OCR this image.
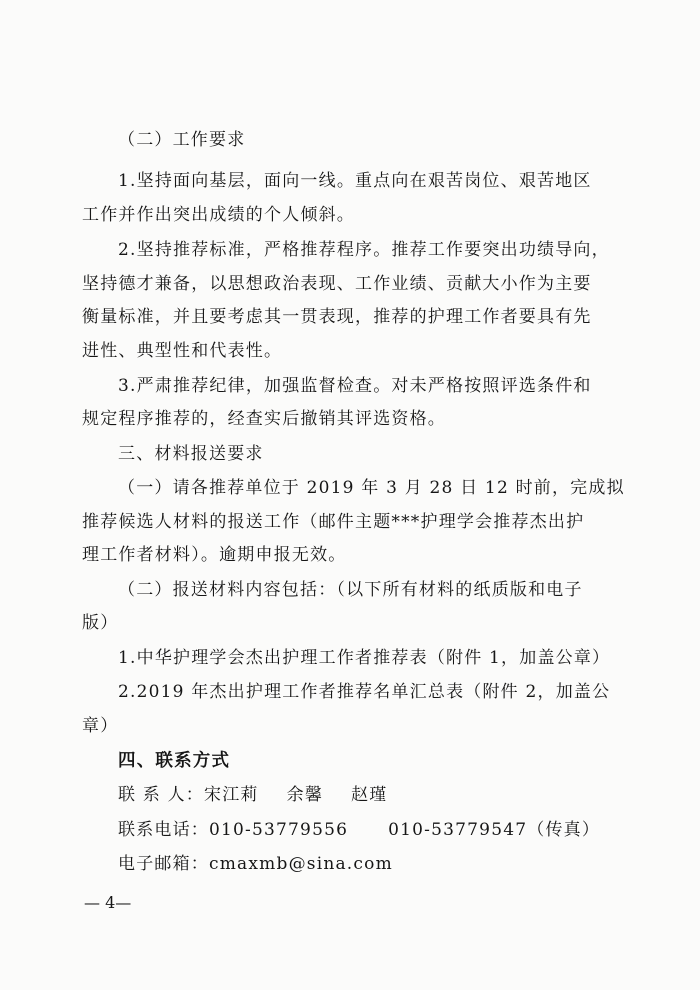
（二）工作要求
1.坚持面向基层，面向一线。重点向在艰苦岗位、艰苦地区
工作并作出突出成绩的个人倾斜。
2.坚持推荐标准，严格推荐程序。推荐工作要突出功绩导向，
坚持德才兼备，以思想政治表现、工作业绩、贡献大小作为主要
衡量标准，并且要考虑其一贯表现，推荐的护理工作者要具有先
进性、典型性和代表性。
3.严肃推荐纪律，加强监督检查。对未严格按照评选条件和
规定程序推荐的，经查实后撤销其评选资格。
三、材料报送要求
（一）请各推荐单位于 2019 年 3 月 28 日 12 时前，完成拟
推荐候选人材料的报送工作（邮件主题***护理学会推荐杰出护
理工作者材料）。逾期申报无效。
（二）报送材料内容包括：（以下所有材料的纸质版和电子
版）
1.中华护理学会杰出护理工作者推荐表（附件 1，加盖公章）
2.2019 年杰出护理工作者推荐名单汇总表（附件 2，加盖公
章）
四、联系方式
联 系 人：宋江莉 余馨 赵瑾
联系电话：010-53779556 010-53779547（传真）
电子邮箱：cmaxmb@sina.com
— 4—
